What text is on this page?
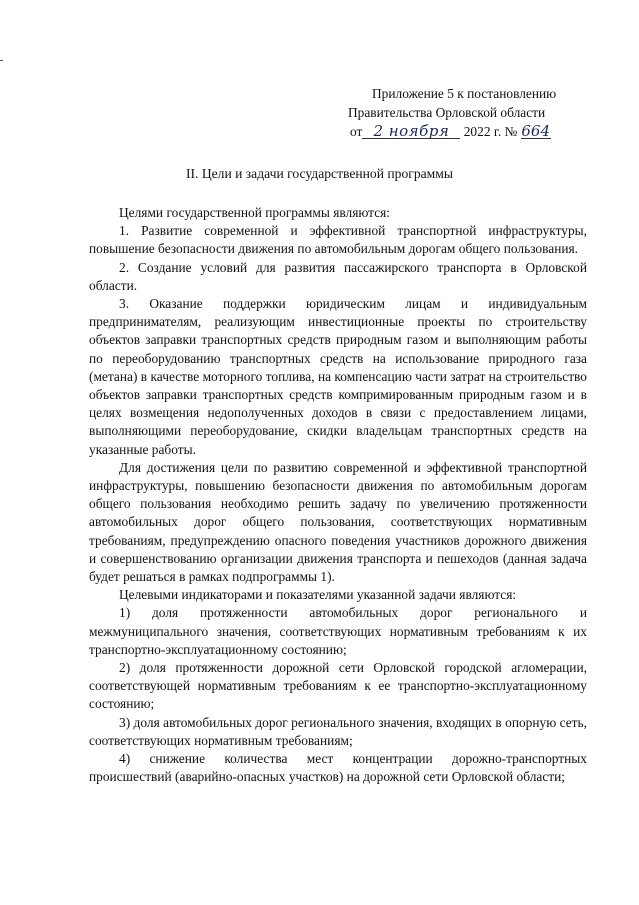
Приложение 5 к постановлению
Правительства Орловской области
от 2 ноября 2022 г. № 664
II. Цели и задачи государственной программы

Целями государственной программы являются:

1. Развитие современной и эффективной транспортной инфраструктуры, повышение безопасности движения по автомобильным дорогам общего пользования.

2. Создание условий для развития пассажирского транспорта в Орловской области.

3. Оказание поддержки юридическим лицам и индивидуальным предпринимателям, реализующим инвестиционные проекты по строительству объектов заправки транспортных средств природным газом и выполняющим работы по переоборудованию транспортных средств на использование природного газа (метана) в качестве моторного топлива, на компенсацию части затрат на строительство объектов заправки транспортных средств компримированным природным газом и в целях возмещения недополученных доходов в связи с предоставлением лицами, выполняющими переоборудование, скидки владельцам транспортных средств на указанные работы.

Для достижения цели по развитию современной и эффективной транспортной инфраструктуры, повышению безопасности движения по автомобильным дорогам общего пользования необходимо решить задачу по увеличению протяженности автомобильных дорог общего пользования, соответствующих нормативным требованиям, предупреждению опасного поведения участников дорожного движения и совершенствованию организации движения транспорта и пешеходов (данная задача будет решаться в рамках подпрограммы 1).

Целевыми индикаторами и показателями указанной задачи являются:

1) доля протяженности автомобильных дорог регионального и межмуниципального значения, соответствующих нормативным требованиям к их транспортно-эксплуатационному состоянию;

2) доля протяженности дорожной сети Орловской городской агломерации, соответствующей нормативным требованиям к ее транспортно-эксплуатационному состоянию;

3) доля автомобильных дорог регионального значения, входящих в опорную сеть, соответствующих нормативным требованиям;

4) снижение количества мест концентрации дорожно-транспортных происшествий (аварийно-опасных участков) на дорожной сети Орловской области;
